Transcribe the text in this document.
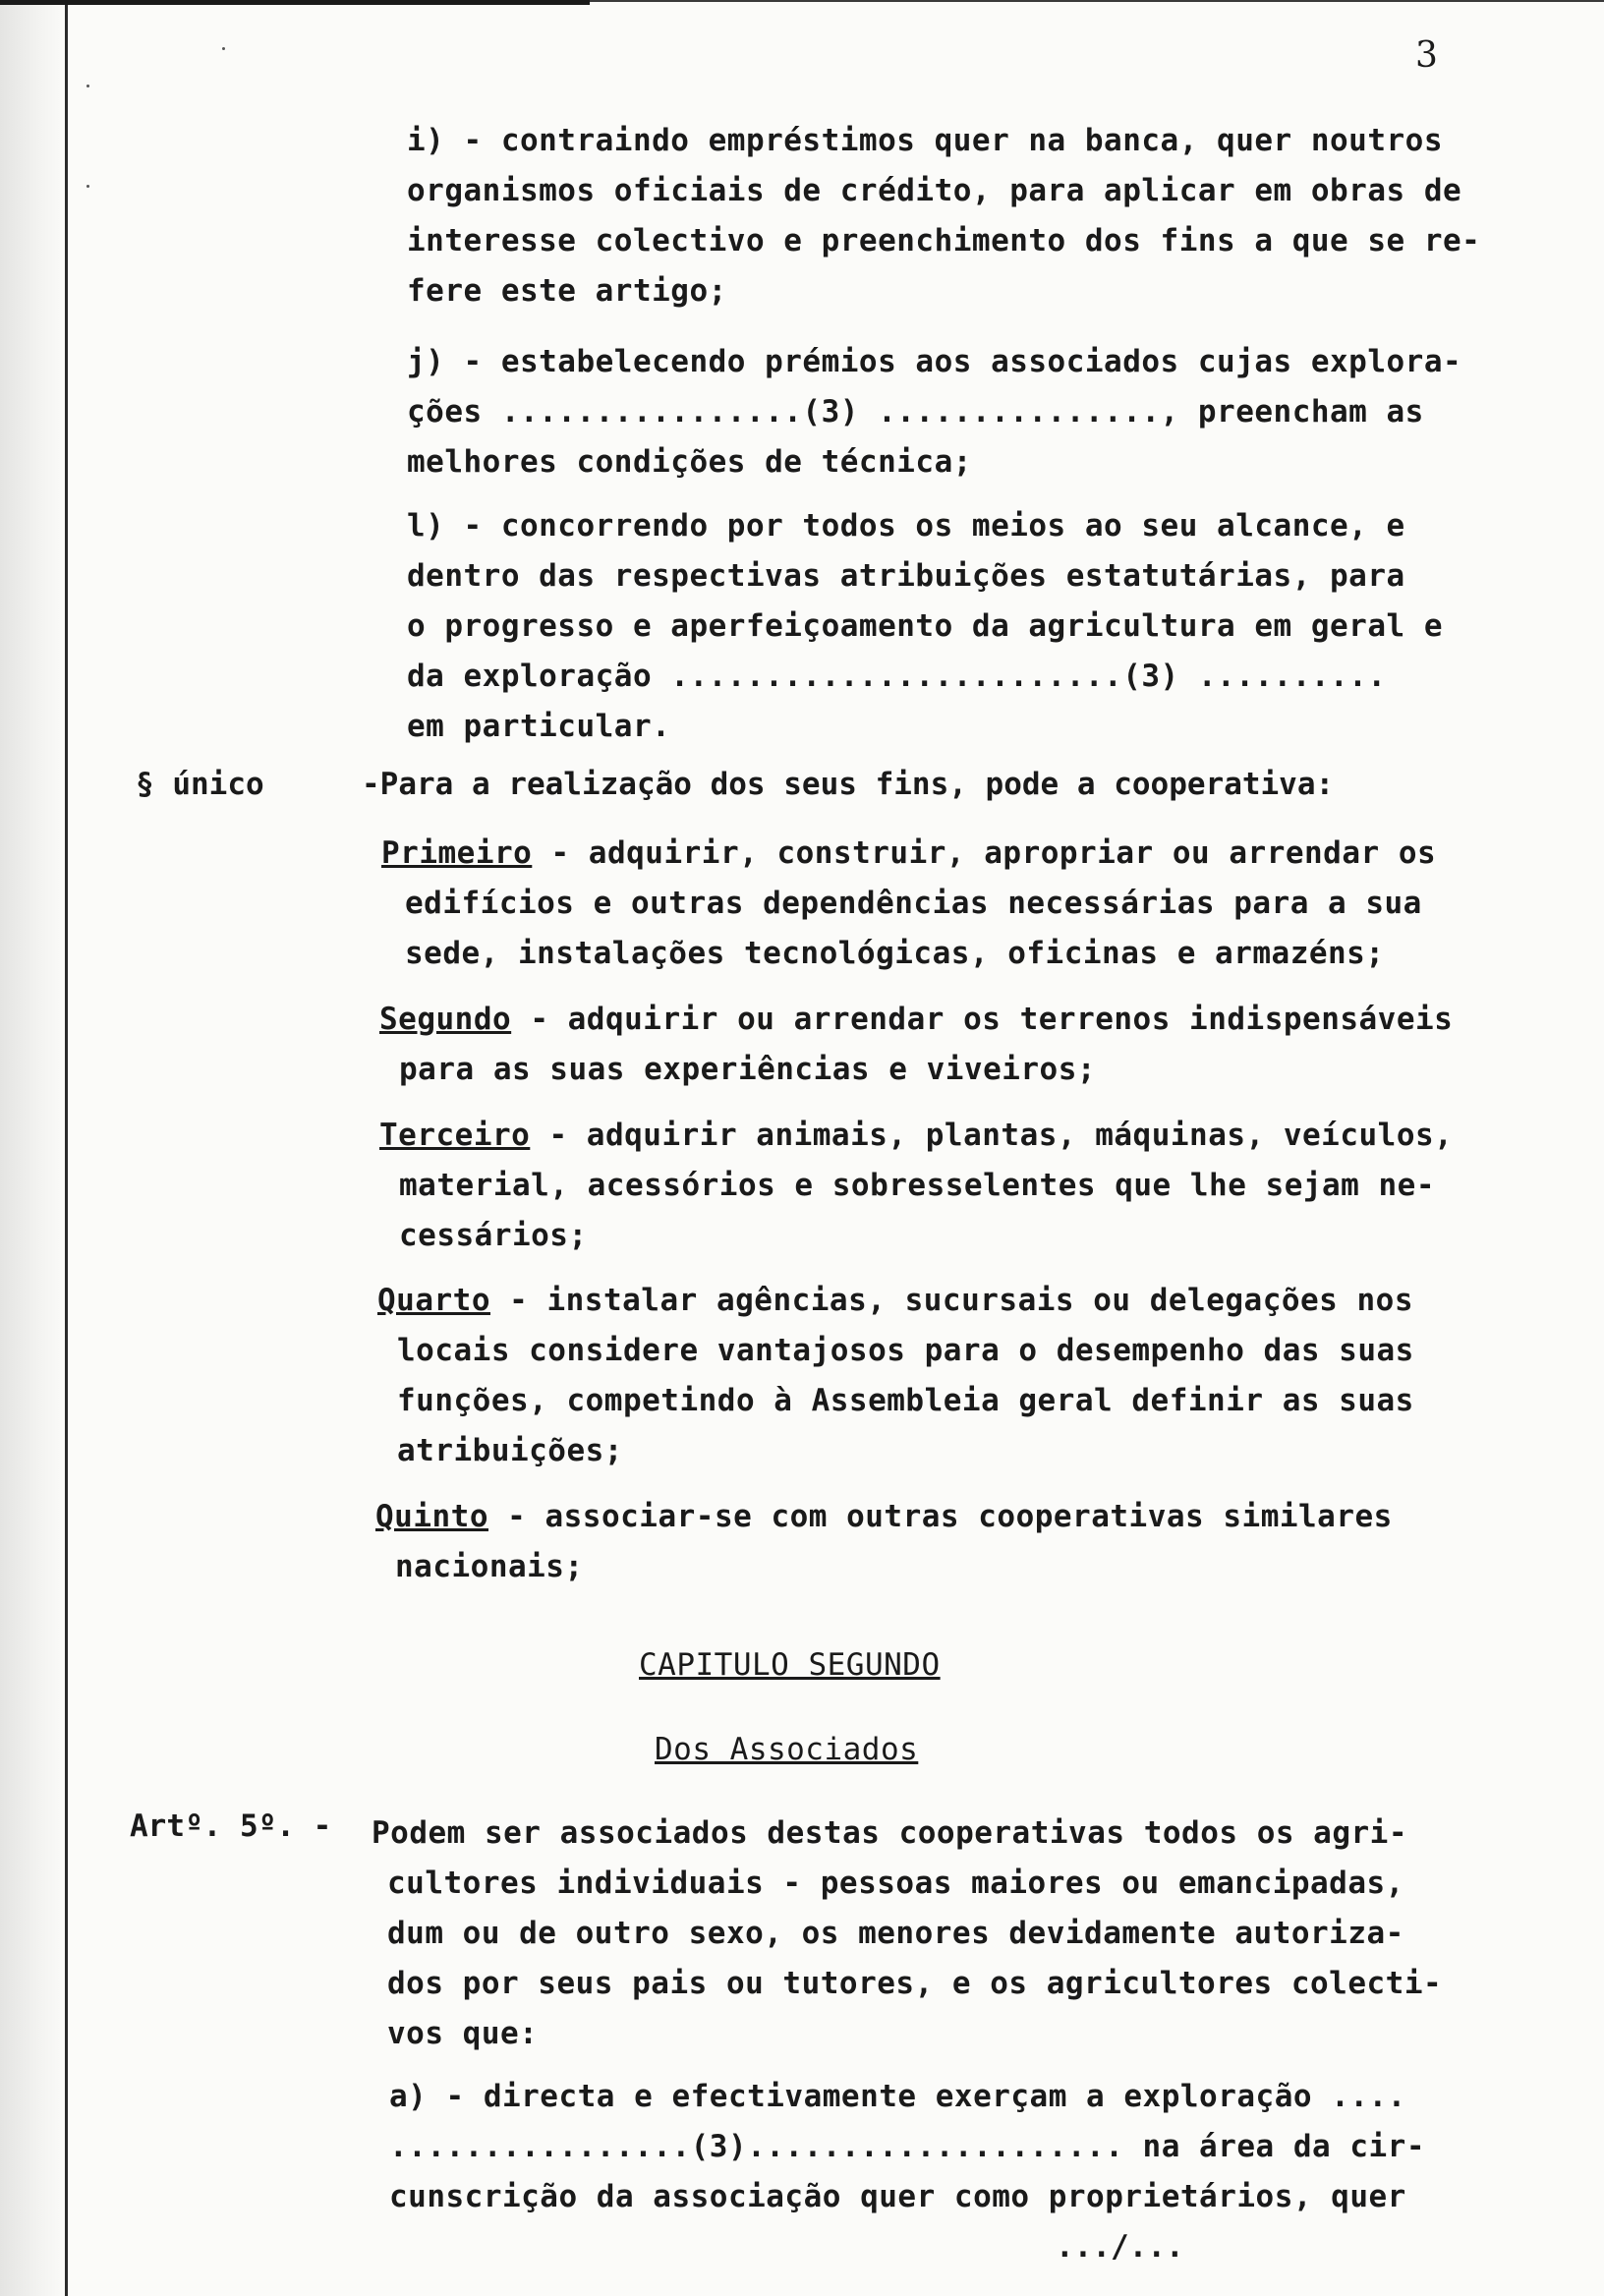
3
i) - contraindo empréstimos quer na banca, quer noutros
organismos oficiais de crédito, para aplicar em obras de
interesse colectivo e preenchimento dos fins a que se re-
fere este artigo;
j) - estabelecendo prémios aos associados cujas explora-
ções ................(3) ..............., preencham as
melhores condições de técnica;
l) - concorrendo por todos os meios ao seu alcance, e
dentro das respectivas atribuições estatutárias, para
o progresso e aperfeiçoamento da agricultura em geral e
da exploração ........................(3) ..........
em particular.
§ único	-Para a realização dos seus fins, pode a cooperativa:
Primeiro - adquirir, construir, apropriar ou arrendar os
edifícios e outras dependências necessárias para a sua
sede, instalações tecnológicas, oficinas e armazéns;
Segundo - adquirir ou arrendar os terrenos indispensáveis
para as suas experiências e viveiros;
Terceiro - adquirir animais, plantas, máquinas, veículos,
material, acessórios e sobresselentes que lhe sejam ne-
cessários;
Quarto - instalar agências, sucursais ou delegações nos
locais considere vantajosos para o desempenho das suas
funções, competindo à Assembleia geral definir as suas
atribuições;
Quinto - associar-se com outras cooperativas similares
nacionais;
CAPITULO SEGUNDO
Dos Associados
Artº. 5º. - Podem ser associados destas cooperativas todos os agri-
cultores individuais - pessoas maiores ou emancipadas,
dum ou de outro sexo, os menores devidamente autoriza-
dos por seus pais ou tutores, e os agricultores colecti-
vos que:
a) - directa e efectivamente exerçam a exploração ....
................(3).................... na área da cir-
cunscrição da associação quer como proprietários, quer
.../...
